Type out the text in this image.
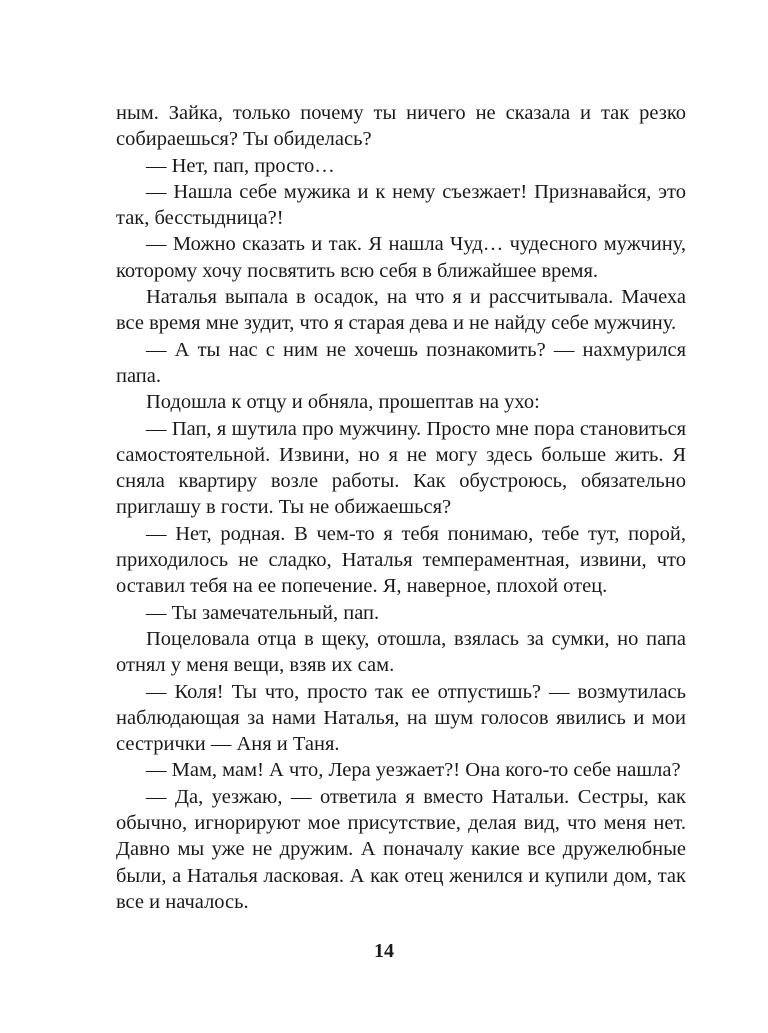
ным. Зайка, только почему ты ничего не сказала и так резко собираешься? Ты обиделась?

— Нет, пап, просто…

— Нашла себе мужика и к нему съезжает! Признавайся, это так, бесстыдница?!

— Можно сказать и так. Я нашла Чуд… чудесного мужчину, которому хочу посвятить всю себя в ближайшее время.

Наталья выпала в осадок, на что я и рассчитывала. Мачеха все время мне зудит, что я старая дева и не найду себе мужчину.

— А ты нас с ним не хочешь познакомить? — нахмурился папа.

Подошла к отцу и обняла, прошептав на ухо:

— Пап, я шутила про мужчину. Просто мне пора становиться самостоятельной. Извини, но я не могу здесь больше жить. Я сняла квартиру возле работы. Как обустроюсь, обязательно приглашу в гости. Ты не обижаешься?

— Нет, родная. В чем-то я тебя понимаю, тебе тут, порой, приходилось не сладко, Наталья темпераментная, извини, что оставил тебя на ее попечение. Я, наверное, плохой отец.

— Ты замечательный, пап.

Поцеловала отца в щеку, отошла, взялась за сумки, но папа отнял у меня вещи, взяв их сам.

— Коля! Ты что, просто так ее отпустишь? — возмутилась наблюдающая за нами Наталья, на шум голосов явились и мои сестрички — Аня и Таня.

— Мам, мам! А что, Лера уезжает?! Она кого-то себе нашла?

— Да, уезжаю, — ответила я вместо Натальи. Сестры, как обычно, игнорируют мое присутствие, делая вид, что меня нет. Давно мы уже не дружим. А поначалу какие все дружелюбные были, а Наталья ласковая. А как отец женился и купили дом, так все и началось.

14
